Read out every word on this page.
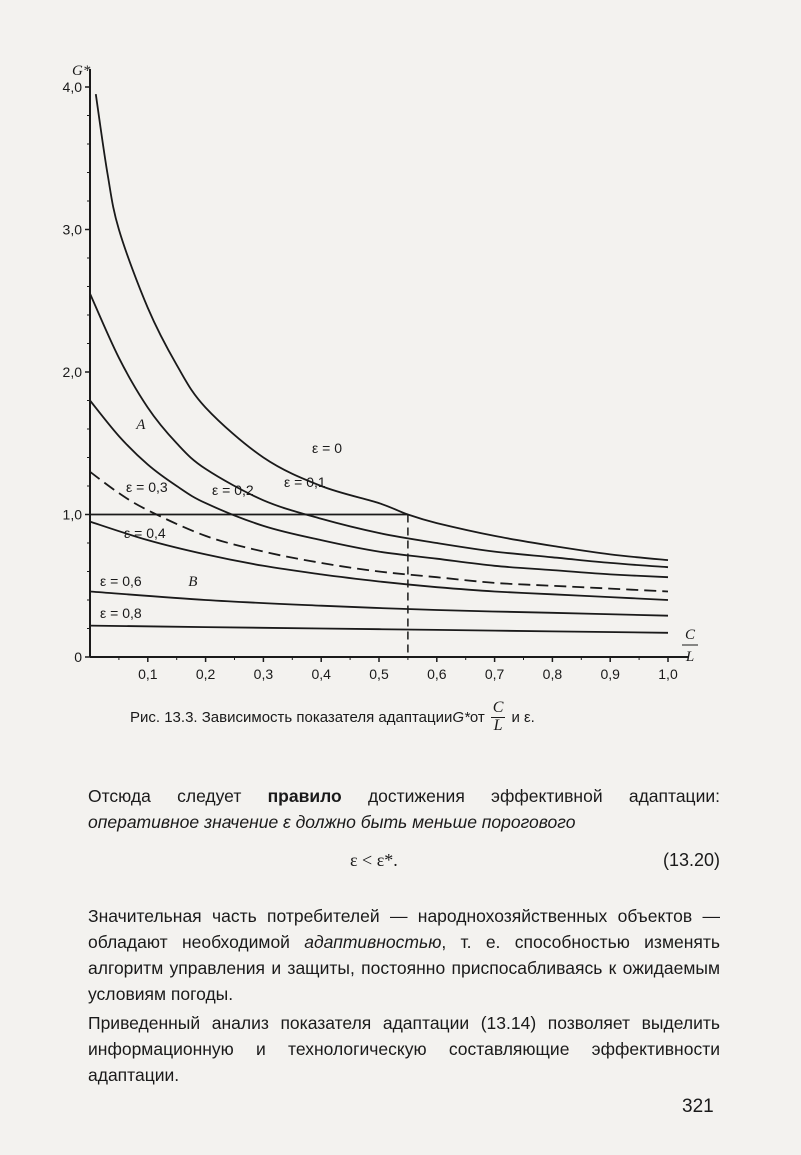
0
1,0
2,0
3,0
4,0
0,1	0,2	0,3	0,4	0,5	0,6	0,7	0,8	0,9	1,0
G*
C
L
ε = 0
ε = 0,1
ε = 0,2
ε = 0,3
ε = 0,4
ε = 0,6
ε = 0,8
A
B
Рис. 13.3. Зависимость показателя адаптации G* от $\frac{C}{L}$ и ε.
Отсюда следует правило достижения эффективной адаптации: оперативное значение ε должно быть меньше порогового
ε < ε*.	(13.20)
Значительная часть потребителей — народнохозяйственных объектов — обладают необходимой адаптивностью, т. е. способностью изменять алгоритм управления и защиты, постоянно приспосабливаясь к ожидаемым условиям погоды.
Приведенный анализ показателя адаптации (13.14) позволяет выделить информационную и технологическую составляющие эффективности адаптации.
321
